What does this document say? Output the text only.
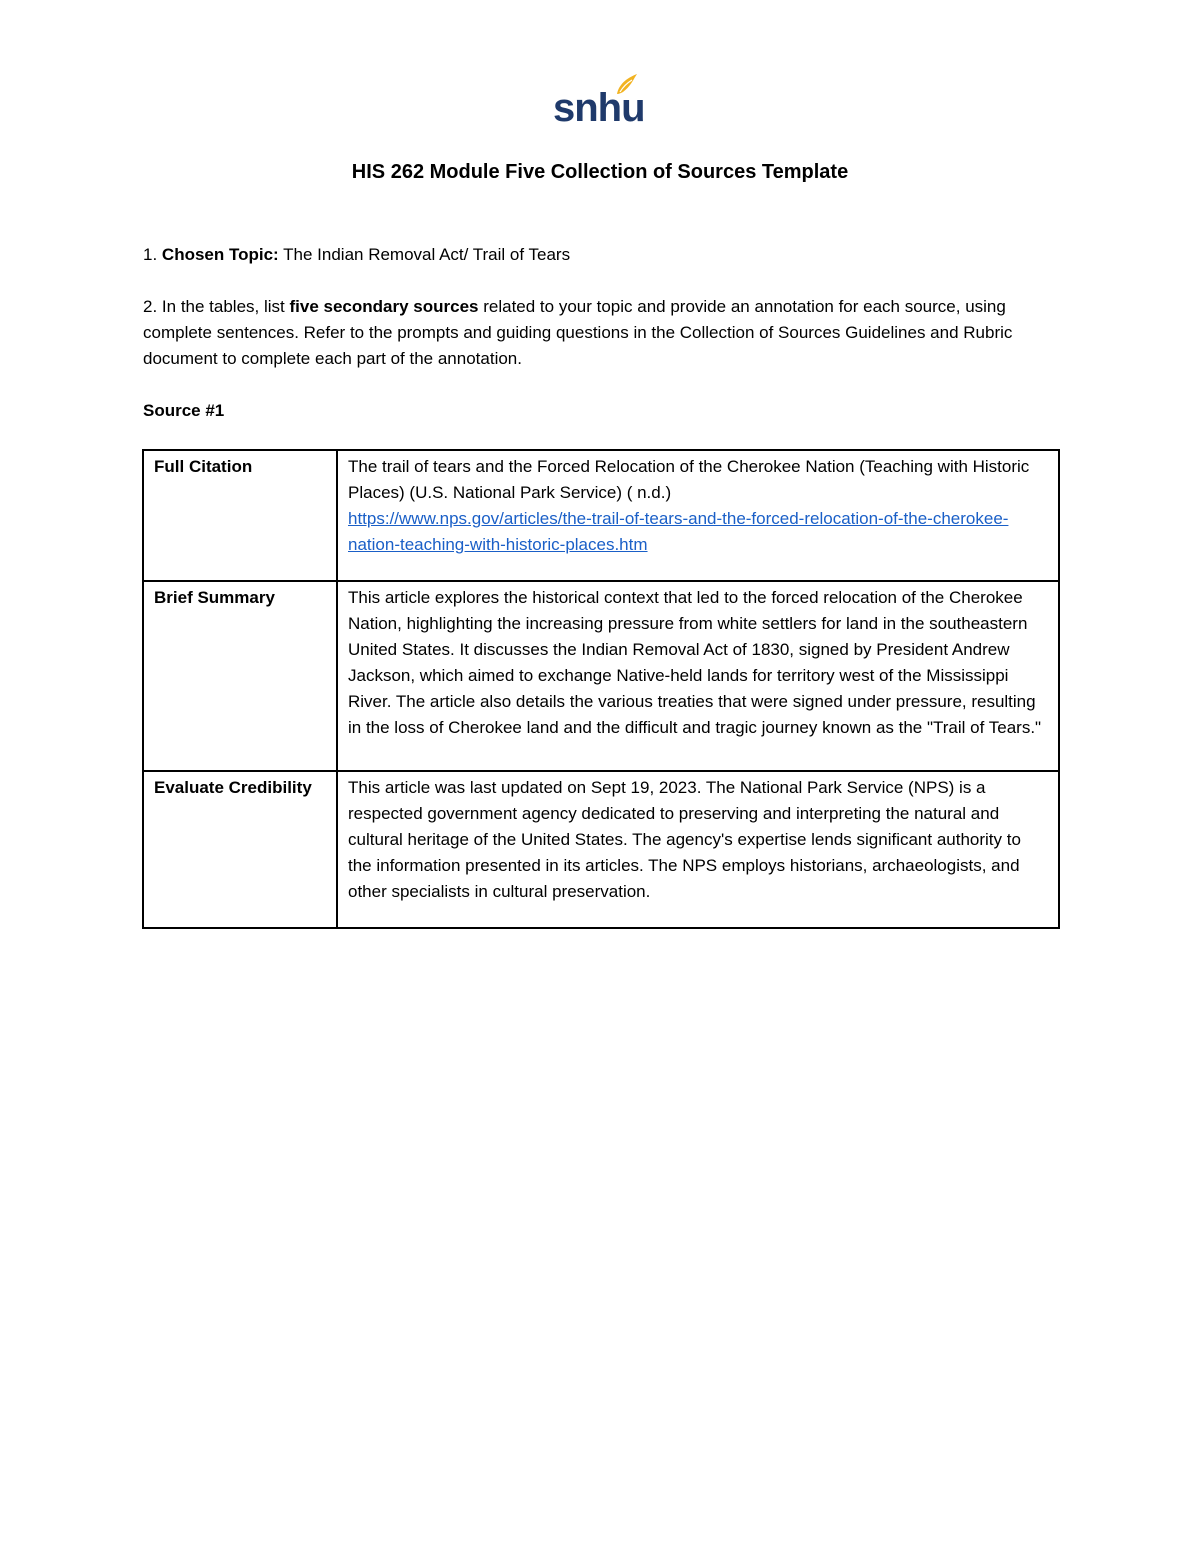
snhu
HIS 262 Module Five Collection of Sources Template
1. Chosen Topic: The Indian Removal Act/ Trail of Tears
2. In the tables, list five secondary sources related to your topic and provide an annotation for each source, using complete sentences. Refer to the prompts and guiding questions in the Collection of Sources Guidelines and Rubric document to complete each part of the annotation.
Source #1
Full Citation	The trail of tears and the Forced Relocation of the Cherokee Nation (Teaching with Historic Places) (U.S. National Park Service) ( n.d.)
https://www.nps.gov/articles/the-trail-of-tears-and-the-forced-relocation-of-the-cherokee-nation-teaching-with-historic-places.htm
Brief Summary	This article explores the historical context that led to the forced relocation of the Cherokee Nation, highlighting the increasing pressure from white settlers for land in the southeastern United States. It discusses the Indian Removal Act of 1830, signed by President Andrew Jackson, which aimed to exchange Native-held lands for territory west of the Mississippi River. The article also details the various treaties that were signed under pressure, resulting in the loss of Cherokee land and the difficult and tragic journey known as the "Trail of Tears."
Evaluate Credibility	This article was last updated on Sept 19, 2023. The National Park Service (NPS) is a respected government agency dedicated to preserving and interpreting the natural and cultural heritage of the United States. The agency's expertise lends significant authority to the information presented in its articles. The NPS employs historians, archaeologists, and other specialists in cultural preservation.
